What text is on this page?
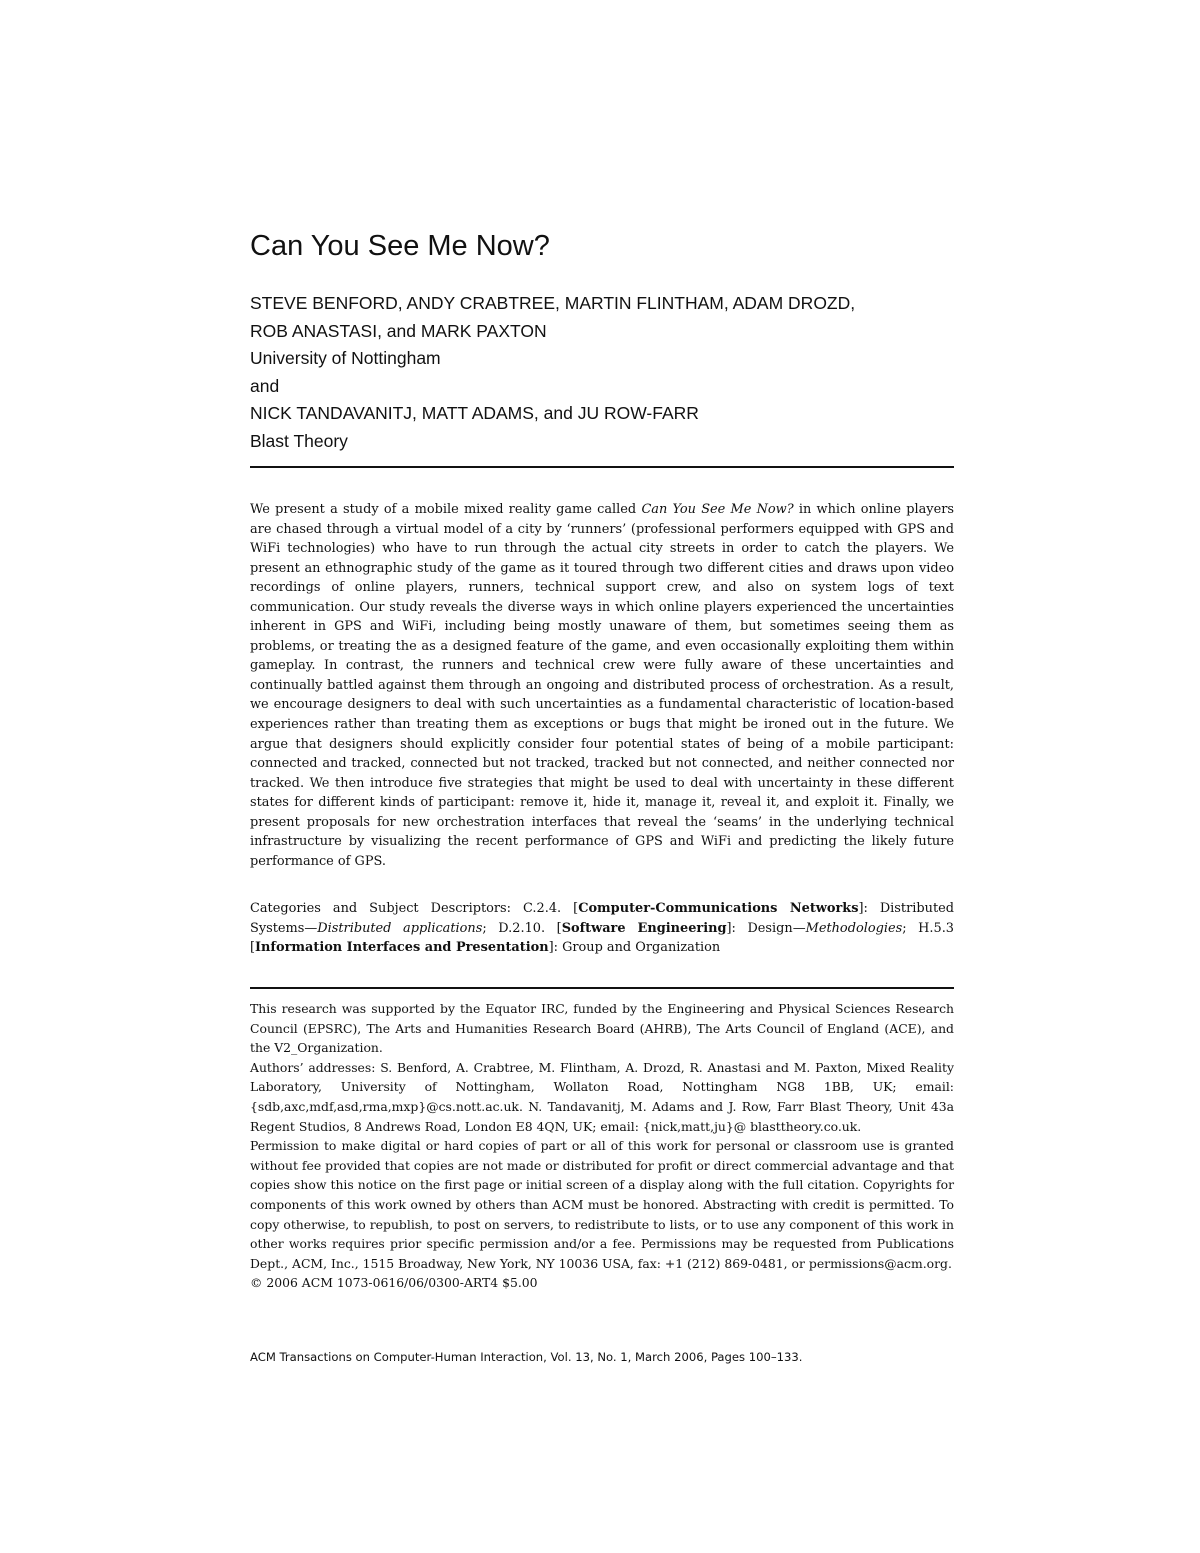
Can You See Me Now?
STEVE BENFORD, ANDY CRABTREE, MARTIN FLINTHAM, ADAM DROZD,
ROB ANASTASI, and MARK PAXTON
University of Nottingham
and
NICK TANDAVANITJ, MATT ADAMS, and JU ROW-FARR
Blast Theory

We present a study of a mobile mixed reality game called Can You See Me Now? in which online players are chased through a virtual model of a city by ‘runners’ (professional performers equipped with GPS and WiFi technologies) who have to run through the actual city streets in order to catch the players. We present an ethnographic study of the game as it toured through two different cities and draws upon video recordings of online players, runners, technical support crew, and also on system logs of text communication. Our study reveals the diverse ways in which online players experienced the uncertainties inherent in GPS and WiFi, including being mostly unaware of them, but sometimes seeing them as problems, or treating the as a designed feature of the game, and even occasionally exploiting them within gameplay. In contrast, the runners and technical crew were fully aware of these uncertainties and continually battled against them through an ongoing and distributed process of orchestration. As a result, we encourage designers to deal with such uncertainties as a fundamental characteristic of location-based experiences rather than treating them as exceptions or bugs that might be ironed out in the future. We argue that designers should explicitly consider four potential states of being of a mobile participant: connected and tracked, connected but not tracked, tracked but not connected, and neither connected nor tracked. We then introduce five strategies that might be used to deal with uncertainty in these different states for different kinds of participant: remove it, hide it, manage it, reveal it, and exploit it. Finally, we present proposals for new orchestration interfaces that reveal the ‘seams’ in the underlying technical infrastructure by visualizing the recent performance of GPS and WiFi and predicting the likely future performance of GPS.

Categories and Subject Descriptors: C.2.4. [Computer-Communications Networks]: Distributed Systems—Distributed applications; D.2.10. [Software Engineering]: Design—Methodologies; H.5.3 [Information Interfaces and Presentation]: Group and Organization

This research was supported by the Equator IRC, funded by the Engineering and Physical Sciences Research Council (EPSRC), The Arts and Humanities Research Board (AHRB), The Arts Council of England (ACE), and the V2_Organization.

Authors’ addresses: S. Benford, A. Crabtree, M. Flintham, A. Drozd, R. Anastasi and M. Paxton, Mixed Reality Laboratory, University of Nottingham, Wollaton Road, Nottingham NG8 1BB, UK; email: {sdb,axc,mdf,asd,rma,mxp}@cs.nott.ac.uk. N. Tandavanitj, M. Adams and J. Row, Farr Blast Theory, Unit 43a Regent Studios, 8 Andrews Road, London E8 4QN, UK; email: {nick,matt,ju}@ blasttheory.co.uk.

Permission to make digital or hard copies of part or all of this work for personal or classroom use is granted without fee provided that copies are not made or distributed for profit or direct commercial advantage and that copies show this notice on the first page or initial screen of a display along with the full citation. Copyrights for components of this work owned by others than ACM must be honored. Abstracting with credit is permitted. To copy otherwise, to republish, to post on servers, to redistribute to lists, or to use any component of this work in other works requires prior specific permission and/or a fee. Permissions may be requested from Publications Dept., ACM, Inc., 1515 Broadway, New York, NY 10036 USA, fax: +1 (212) 869-0481, or permissions@acm.org.

© 2006 ACM 1073-0616/06/0300-ART4 $5.00

ACM Transactions on Computer-Human Interaction, Vol. 13, No. 1, March 2006, Pages 100–133.
